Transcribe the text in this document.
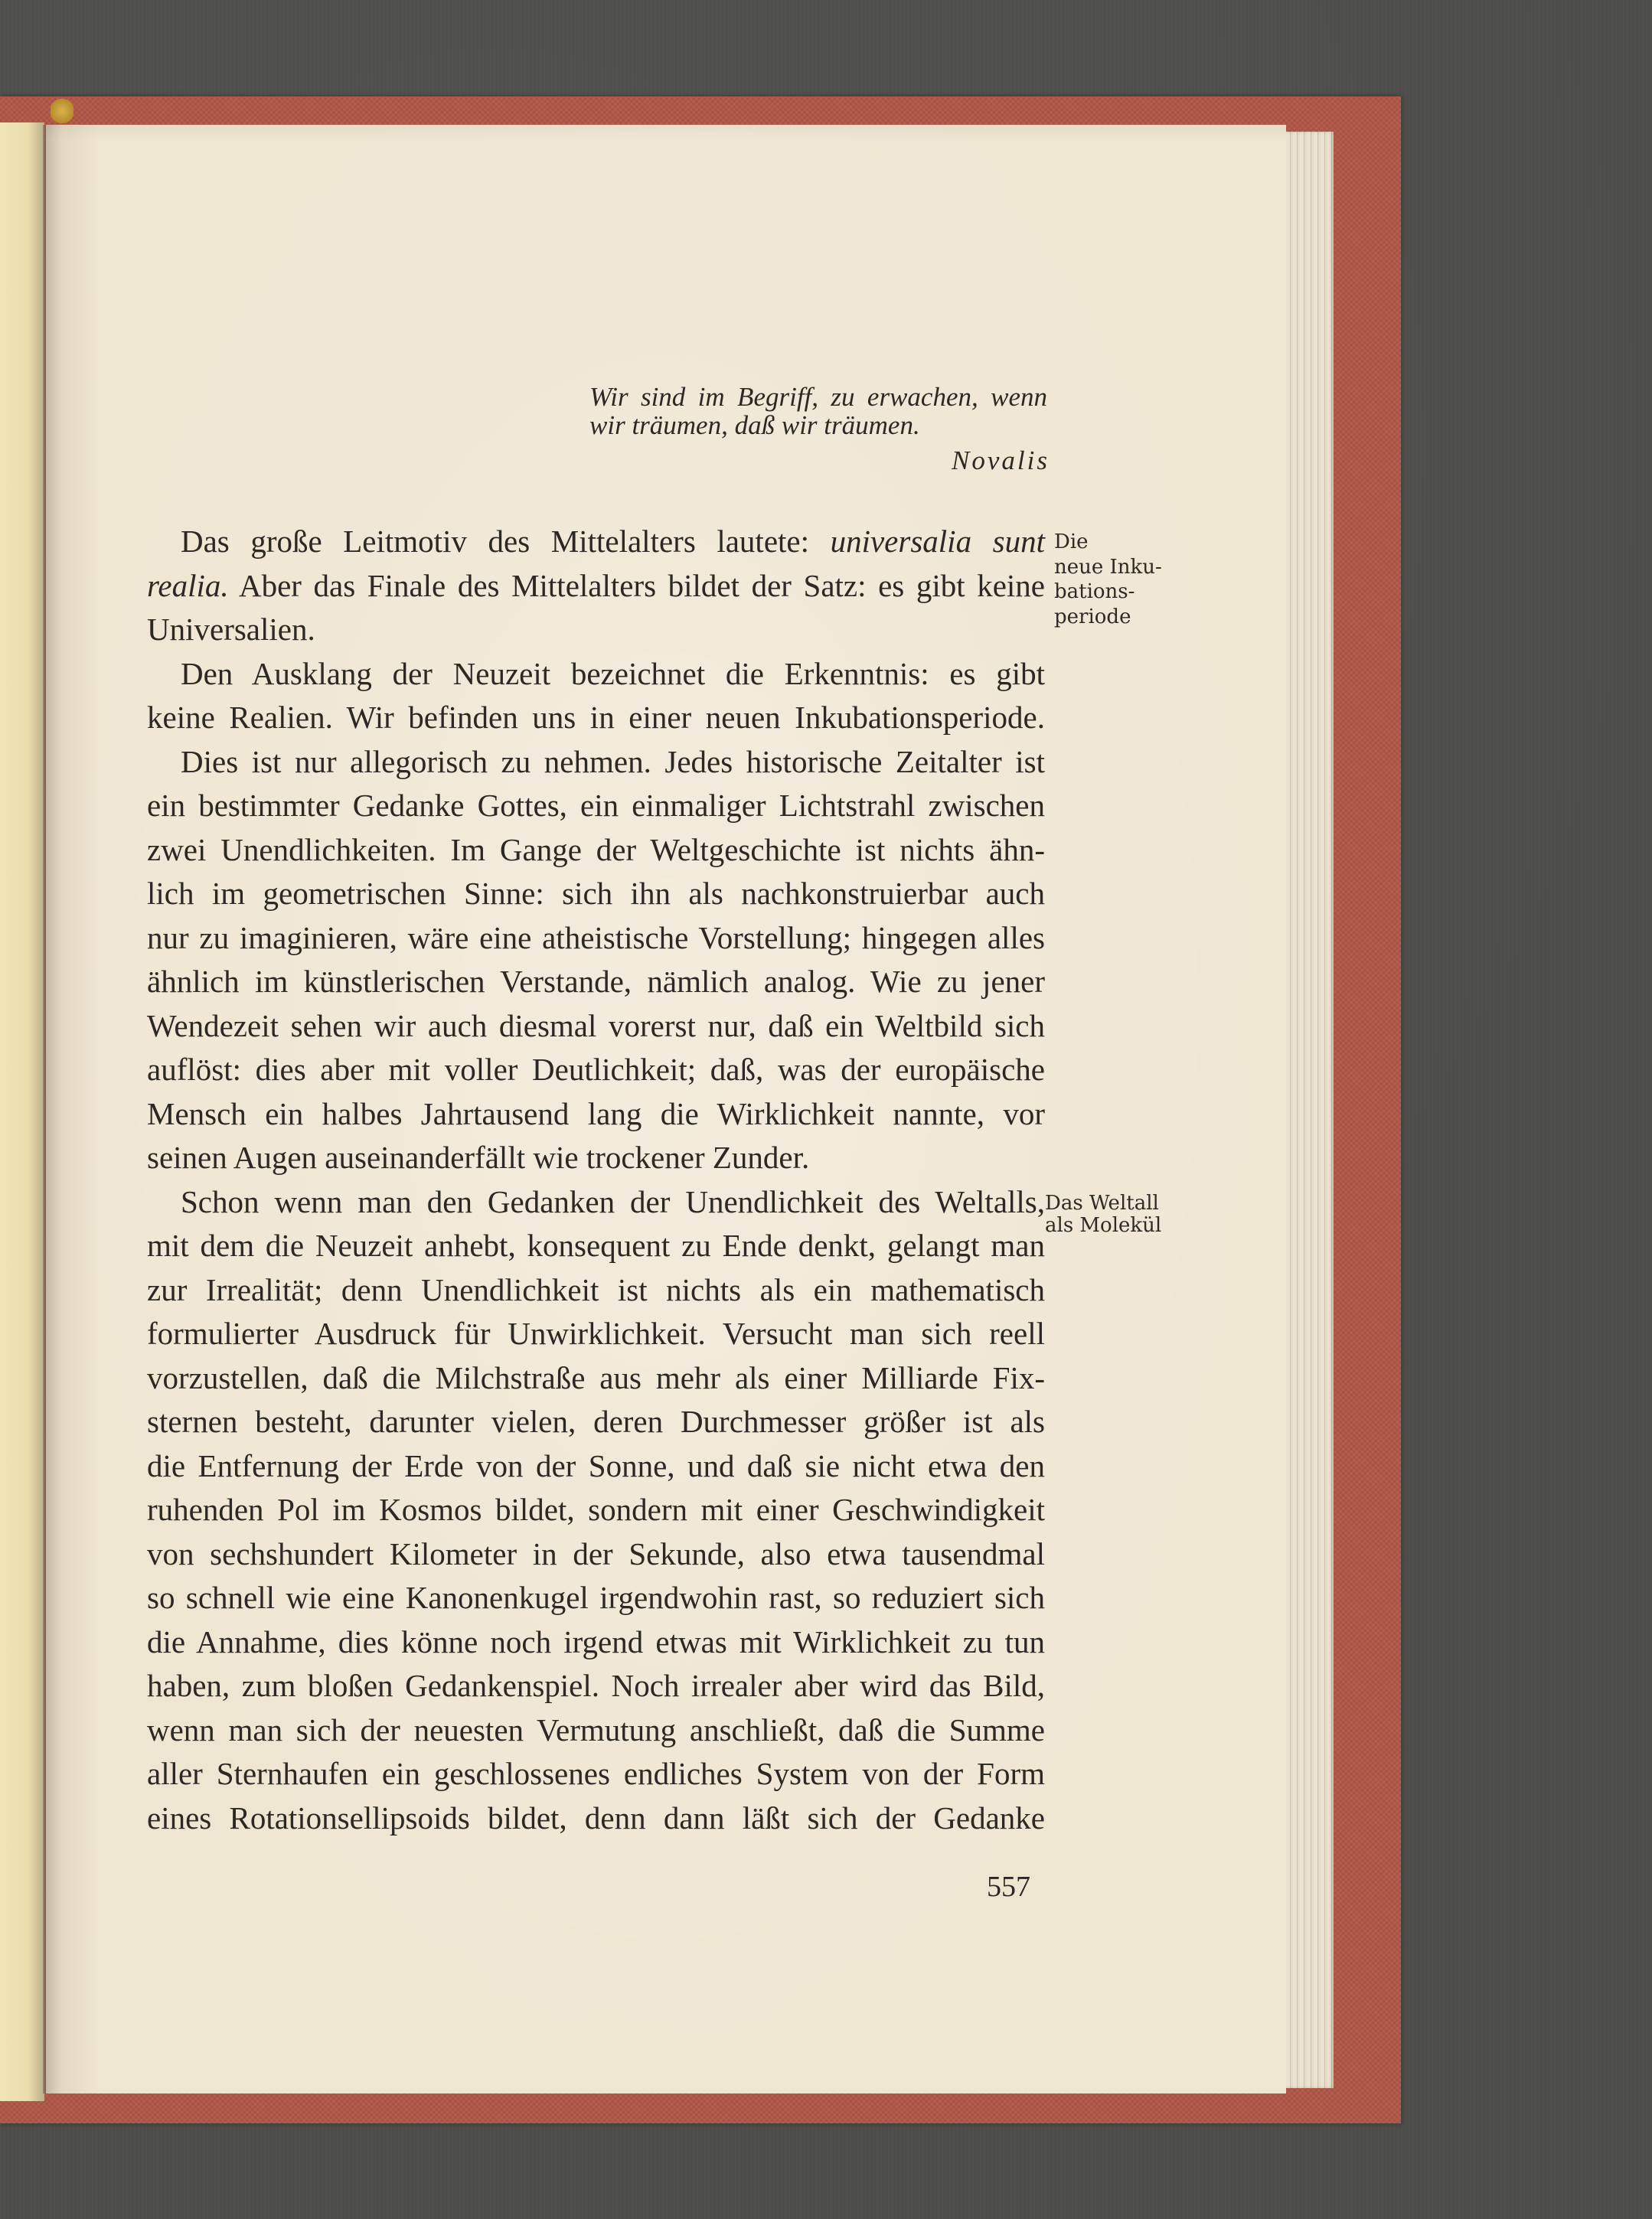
Wir sind im Begriff, zu erwachen, wenn
wir träumen, daß wir träumen.
Novalis
Das große Leitmotiv des Mittelalters lautete: universalia sunt
realia. Aber das Finale des Mittelalters bildet der Satz: es gibt keine
Universalien.
Den Ausklang der Neuzeit bezeichnet die Erkenntnis: es gibt
keine Realien. Wir befinden uns in einer neuen Inkubationsperiode.
Dies ist nur allegorisch zu nehmen. Jedes historische Zeitalter ist
ein bestimmter Gedanke Gottes, ein einmaliger Lichtstrahl zwischen
zwei Unendlichkeiten. Im Gange der Weltgeschichte ist nichts ähn-
lich im geometrischen Sinne: sich ihn als nachkonstruierbar auch
nur zu imaginieren, wäre eine atheistische Vorstellung; hingegen alles
ähnlich im künstlerischen Verstande, nämlich analog. Wie zu jener
Wendezeit sehen wir auch diesmal vorerst nur, daß ein Weltbild sich
auflöst: dies aber mit voller Deutlichkeit; daß, was der europäische
Mensch ein halbes Jahrtausend lang die Wirklichkeit nannte, vor
seinen Augen auseinanderfällt wie trockener Zunder.
Schon wenn man den Gedanken der Unendlichkeit des Weltalls,
mit dem die Neuzeit anhebt, konsequent zu Ende denkt, gelangt man
zur Irrealität; denn Unendlichkeit ist nichts als ein mathematisch
formulierter Ausdruck für Unwirklichkeit. Versucht man sich reell
vorzustellen, daß die Milchstraße aus mehr als einer Milliarde Fix-
sternen besteht, darunter vielen, deren Durchmesser größer ist als
die Entfernung der Erde von der Sonne, und daß sie nicht etwa den
ruhenden Pol im Kosmos bildet, sondern mit einer Geschwindigkeit
von sechshundert Kilometer in der Sekunde, also etwa tausendmal
so schnell wie eine Kanonenkugel irgendwohin rast, so reduziert sich
die Annahme, dies könne noch irgend etwas mit Wirklichkeit zu tun
haben, zum bloßen Gedankenspiel. Noch irrealer aber wird das Bild,
wenn man sich der neuesten Vermutung anschließt, daß die Summe
aller Sternhaufen ein geschlossenes endliches System von der Form
eines Rotationsellipsoids bildet, denn dann läßt sich der Gedanke
Die
neue Inku-
bations-
periode
Das Weltall
als Molekül
557
